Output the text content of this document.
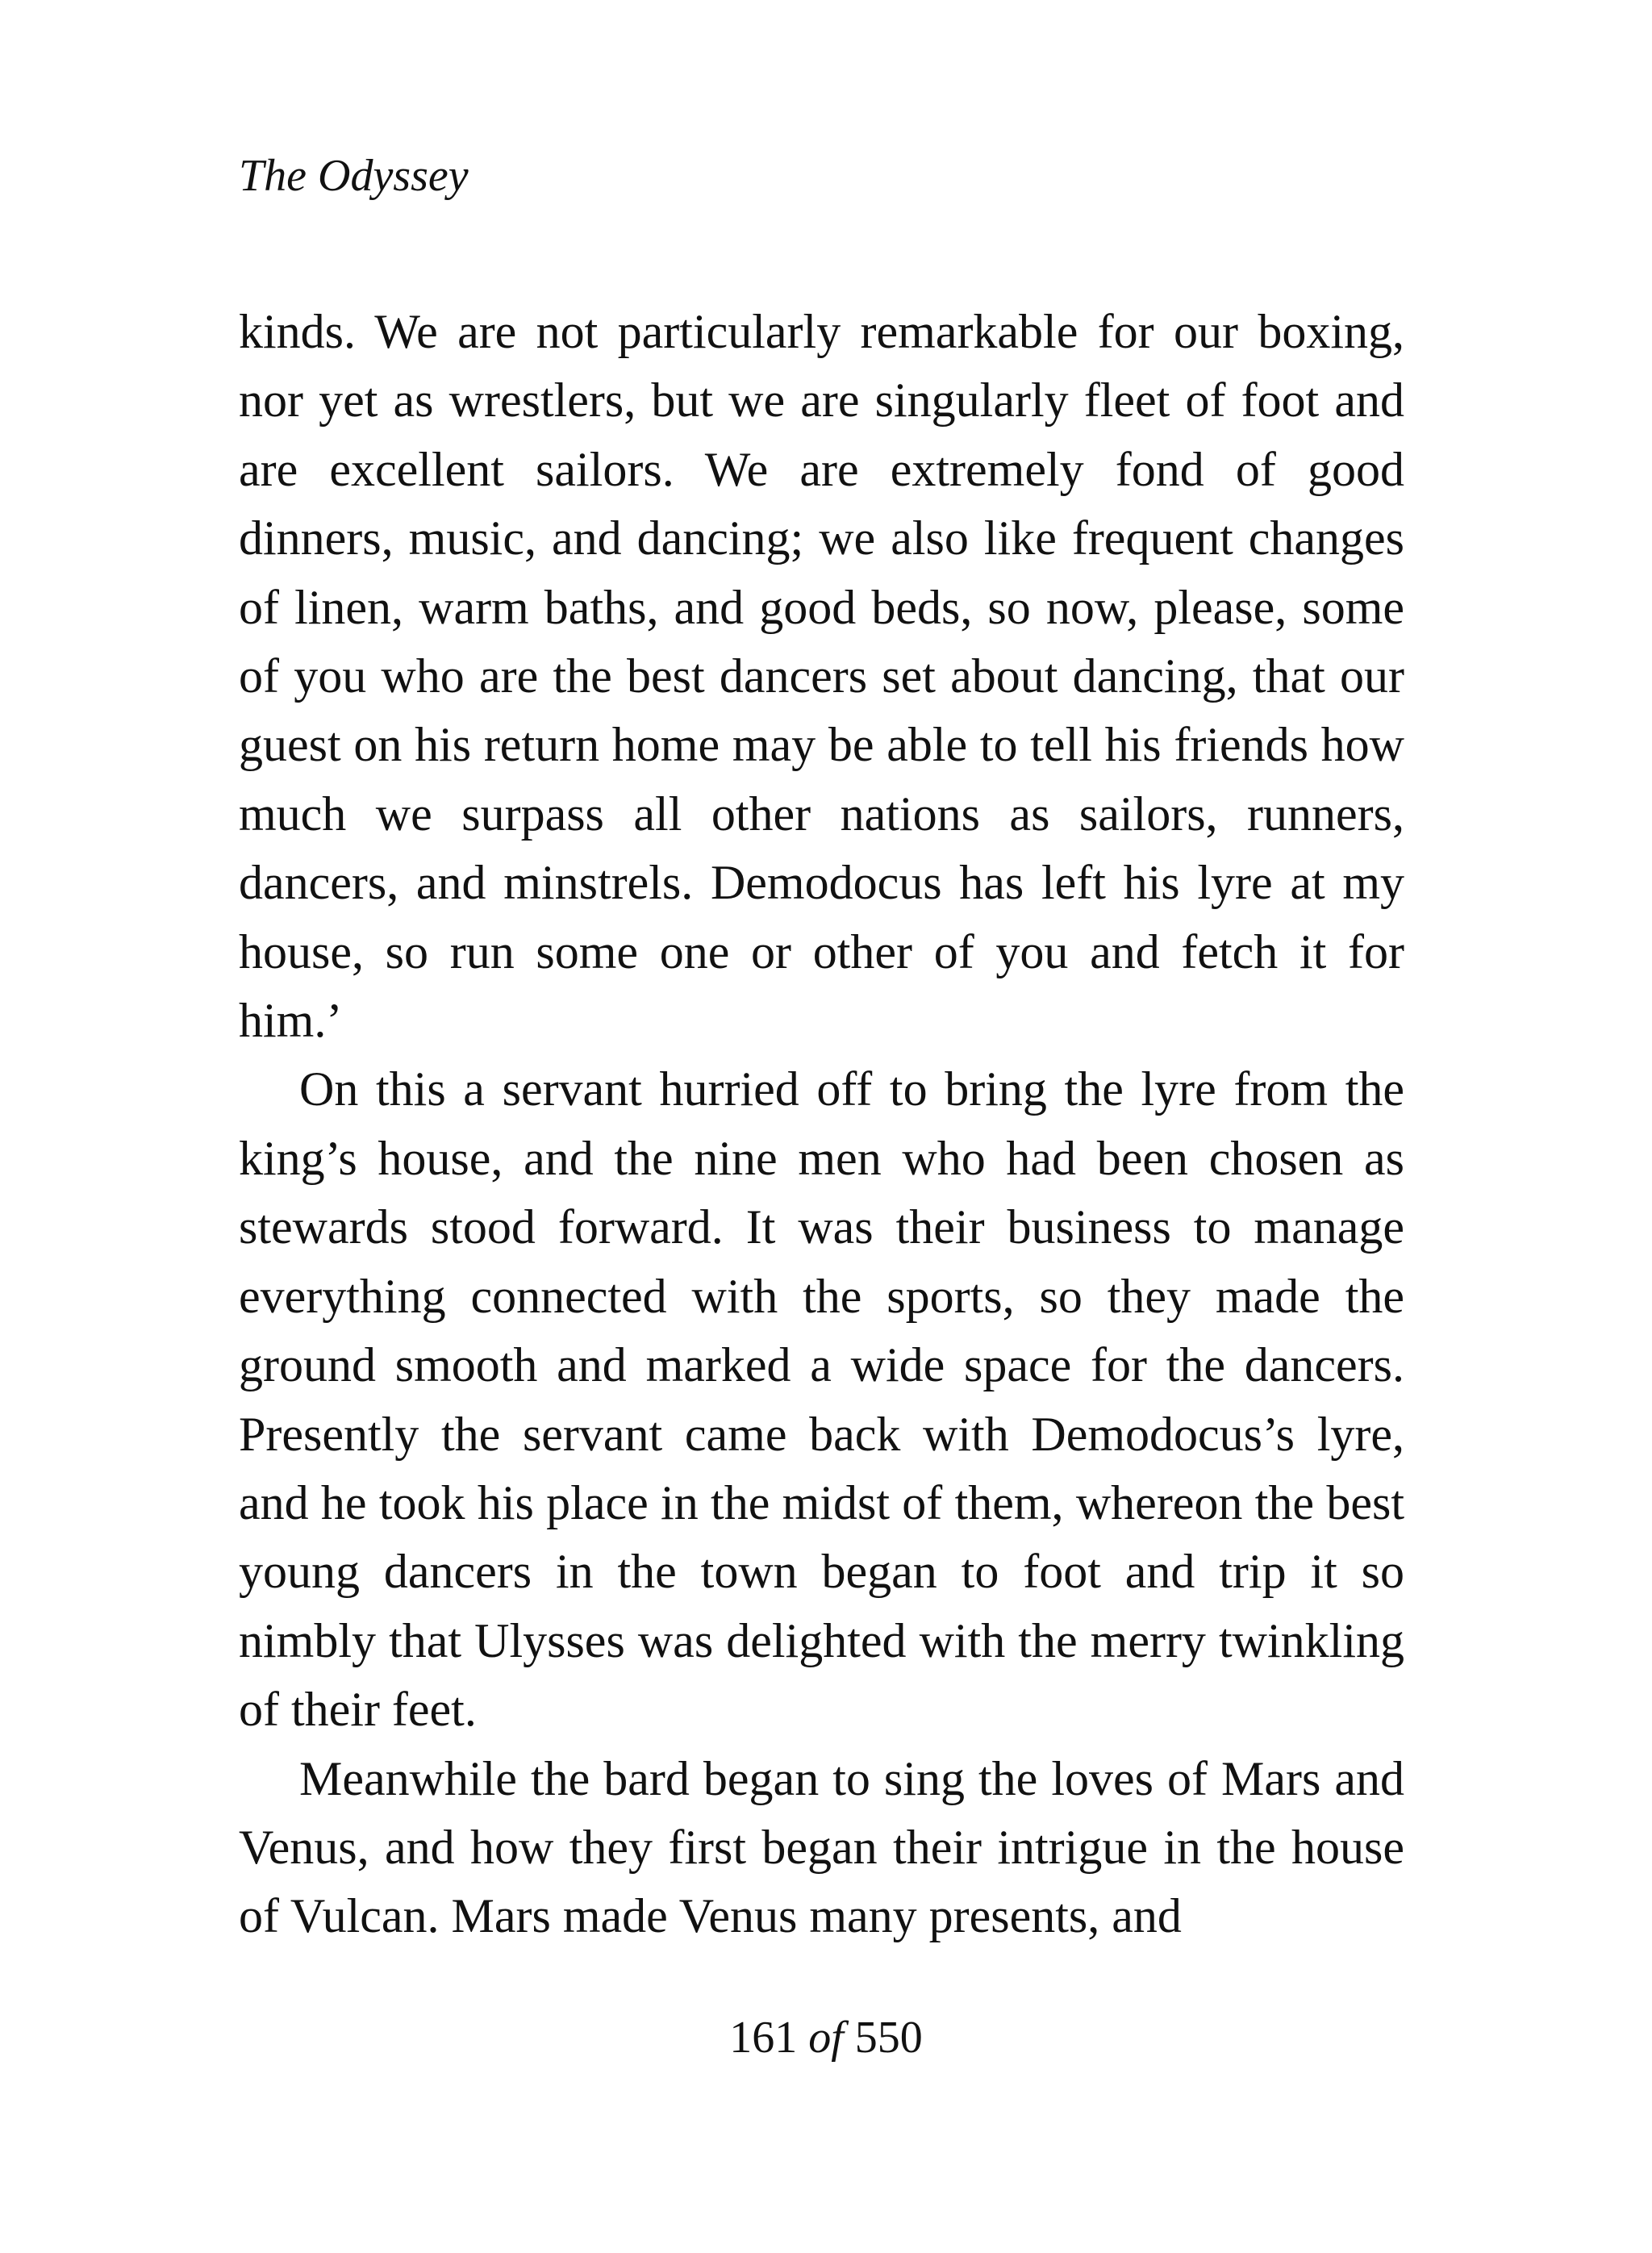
The Odyssey

kinds. We are not particularly remarkable for our boxing, nor yet as wrestlers, but we are singularly fleet of foot and are excellent sailors. We are extremely fond of good dinners, music, and dancing; we also like frequent changes of linen, warm baths, and good beds, so now, please, some of you who are the best dancers set about dancing, that our guest on his return home may be able to tell his friends how much we surpass all other nations as sailors, runners, dancers, and minstrels. Demodocus has left his lyre at my house, so run some one or other of you and fetch it for him.’

On this a servant hurried off to bring the lyre from the king’s house, and the nine men who had been chosen as stewards stood forward. It was their business to manage everything connected with the sports, so they made the ground smooth and marked a wide space for the dancers. Presently the servant came back with Demodocus’s lyre, and he took his place in the midst of them, whereon the best young dancers in the town began to foot and trip it so nimbly that Ulysses was delighted with the merry twinkling of their feet.

Meanwhile the bard began to sing the loves of Mars and Venus, and how they first began their intrigue in the house of Vulcan. Mars made Venus many presents, and

161 of 550
